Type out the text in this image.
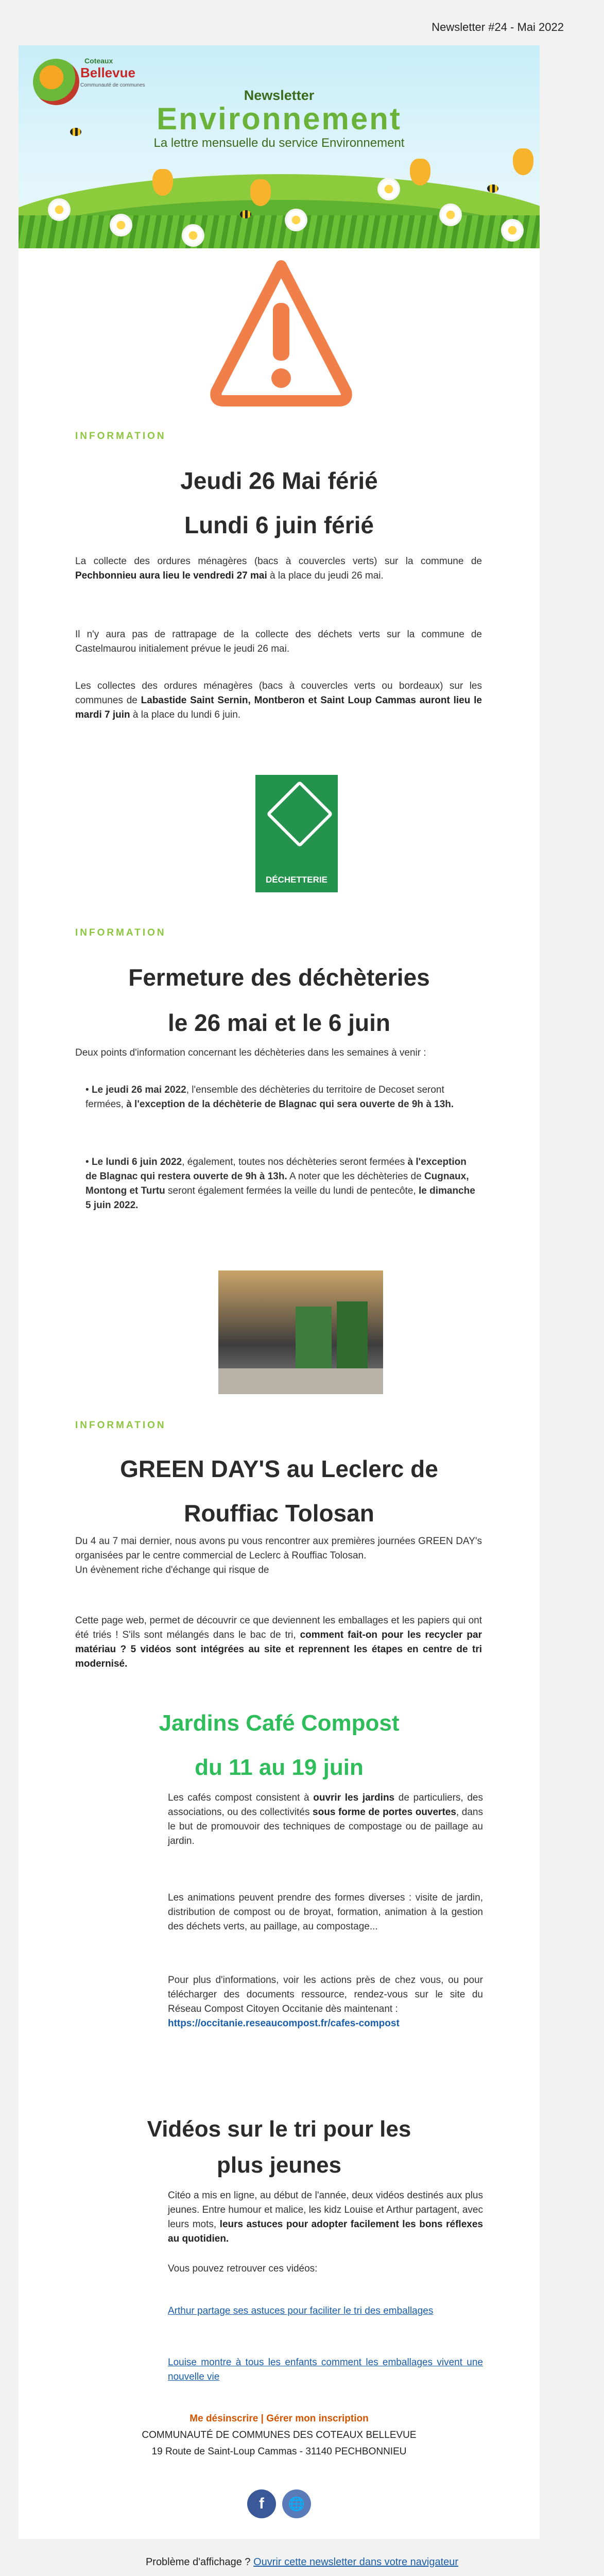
Newsletter #24 - Mai 2022
Coteaux
Bellevue
Communauté de communes
Newsletter
Environnement
La lettre mensuelle du service Environnement
INFORMATION
Jeudi 26 Mai férié
Lundi 6 juin férié
La collecte des ordures ménagères (bacs à couvercles verts) sur la commune de Pechbonnieu aura lieu le vendredi 27 mai à la place du jeudi 26 mai.
Il n'y aura pas de rattrapage de la collecte des déchets verts sur la commune de Castelmaurou initialement prévue le jeudi 26 mai.
Les collectes des ordures ménagères (bacs à couvercles verts ou bordeaux) sur les communes de Labastide Saint Sernin, Montberon et Saint Loup Cammas auront lieu le mardi 7 juin à la place du lundi 6 juin.
DÉCHETTERIE
INFORMATION
Fermeture des déchèteries
le 26 mai et le 6 juin
Deux points d'information concernant les déchèteries dans les semaines à venir :
• Le jeudi 26 mai 2022, l'ensemble des déchèteries du territoire de Decoset seront fermées, à l'exception de la déchèterie de Blagnac qui sera ouverte de 9h à 13h.
• Le lundi 6 juin 2022, également, toutes nos déchèteries seront fermées à l'exception de Blagnac qui restera ouverte de 9h à 13h. A noter que les déchèteries de Cugnaux, Montong et Turtu seront également fermées la veille du lundi de pentecôte, le dimanche 5 juin 2022.
INFORMATION
GREEN DAY'S au Leclerc de
Rouffiac Tolosan
Du 4 au 7 mai dernier, nous avons pu vous rencontrer aux premières journées GREEN DAY's organisées par le centre commercial de Leclerc à Rouffiac Tolosan.
Un évènement riche d'échange qui risque de
Cette page web, permet de découvrir ce que deviennent les emballages et les papiers qui ont été triés ! S'ils sont mélangés dans le bac de tri, comment fait-on pour les recycler par matériau ? 5 vidéos sont intégrées au site et reprennent les étapes en centre de tri modernisé.
Jardins Café Compost
du 11 au 19 juin
Les cafés compost consistent à ouvrir les jardins de particuliers, des associations, ou des collectivités sous forme de portes ouvertes, dans le but de promouvoir des techniques de compostage ou de paillage au jardin.
Les animations peuvent prendre des formes diverses : visite de jardin, distribution de compost ou de broyat, formation, animation à la gestion des déchets verts, au paillage, au compostage...
Pour plus d'informations, voir les actions près de chez vous, ou pour télécharger des documents ressource, rendez-vous sur le site du Réseau Compost Citoyen Occitanie dès maintenant :
https://occitanie.reseaucompost.fr/cafes-compost
Vidéos sur le tri pour les
plus jeunes
Citéo a mis en ligne, au début de l'année, deux vidéos destinés aux plus jeunes. Entre humour et malice, les kidz Louise et Arthur partagent, avec leurs mots, leurs astuces pour adopter facilement les bons réflexes au quotidien.
Vous pouvez retrouver ces vidéos:
Arthur partage ses astuces pour faciliter le tri des emballages
Louise montre à tous les enfants comment les emballages vivent une nouvelle vie
Me désinscrire | Gérer mon inscription
COMMUNAUTÉ DE COMMUNES DES COTEAUX BELLEVUE
19 Route de Saint-Loup Cammas - 31140 PECHBONNIEU
f	🌐
Problème d'affichage ? Ouvrir cette newsletter dans votre navigateur
